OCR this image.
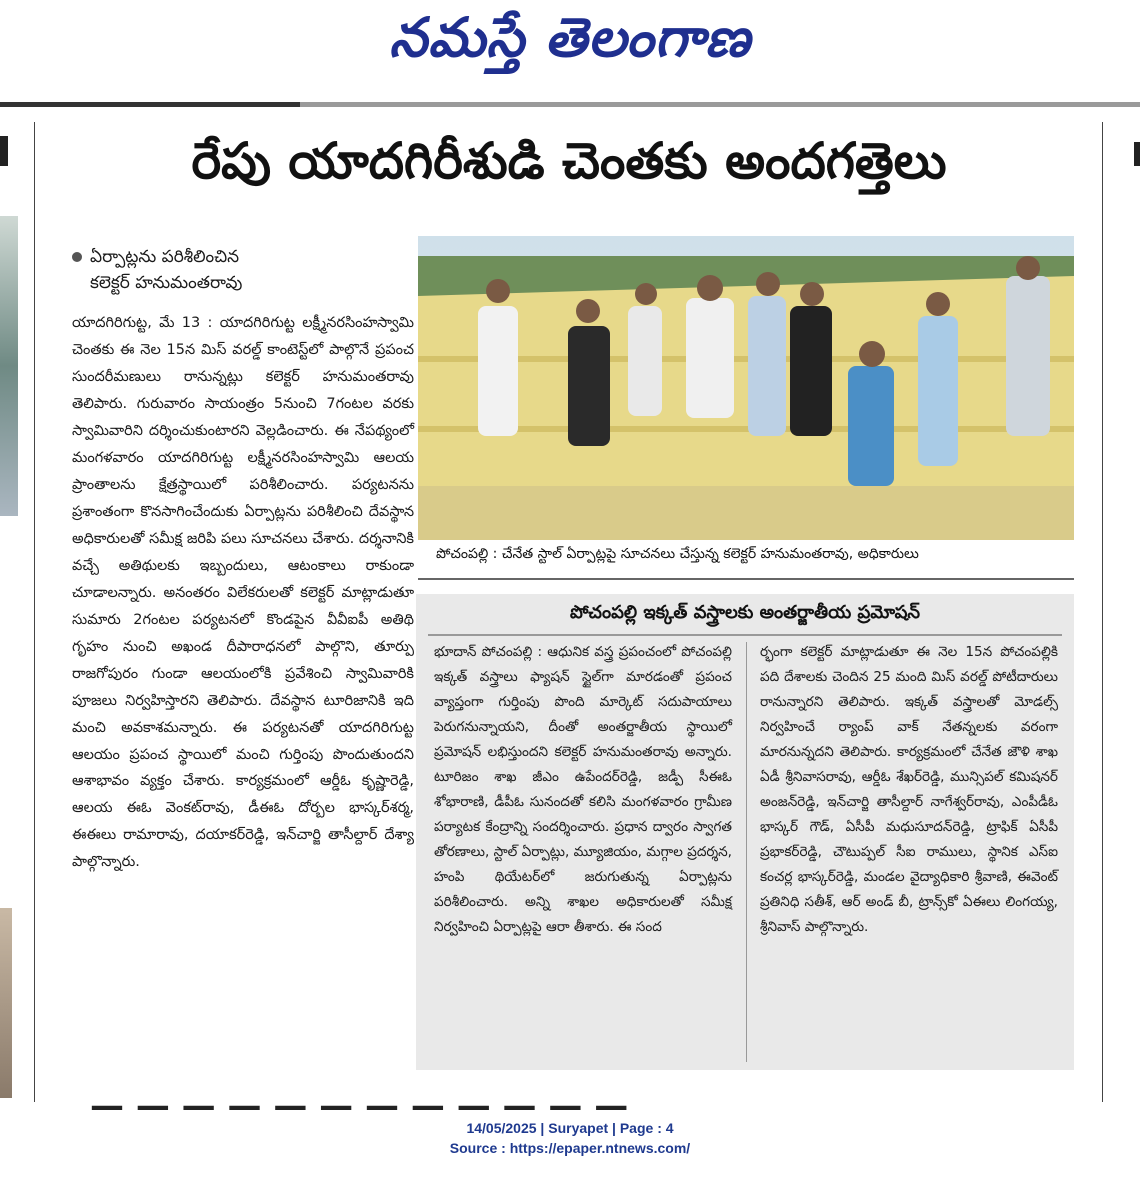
నమస్తే తెలంగాణ
రేపు యాదగిరీశుడి చెంతకు అందగత్తెలు
ఏర్పాట్లను పరిశీలించిన
కలెక్టర్ హనుమంతరావు
యాదగిరిగుట్ట, మే 13 : యాదగిరిగుట్ట లక్ష్మీనరసింహస్వామి చెంతకు ఈ నెల 15న మిస్ వరల్డ్ కాంటెస్ట్‌లో పాల్గొనే ప్రపంచ సుందరీమణులు రానున్నట్లు కలెక్టర్ హనుమంతరావు తెలిపారు. గురువారం సాయంత్రం 5నుంచి 7గంటల వరకు స్వామివారిని దర్శించుకుంటారని వెల్లడించారు. ఈ నేపథ్యంలో మంగళవారం యాదగిరిగుట్ట లక్ష్మీనరసింహస్వామి ఆలయ ప్రాంతాలను క్షేత్రస్థాయిలో పరిశీలించారు. పర్యటనను ప్రశాంతంగా కొనసాగించేందుకు ఏర్పాట్లను పరిశీలించి దేవస్థాన అధికారులతో సమీక్ష జరిపి పలు సూచనలు చేశారు. దర్శనానికి వచ్చే అతిథులకు ఇబ్బందులు, ఆటంకాలు రాకుండా చూడాలన్నారు. అనంతరం విలేకరులతో కలెక్టర్ మాట్లాడుతూ సుమారు 2గంటల పర్యటనలో కొండపైన వీవీఐపీ అతిథి గృహం నుంచి అఖండ దీపారాధనలో పాల్గొని, తూర్పు రాజగోపురం గుండా ఆలయంలోకి ప్రవేశించి స్వామివారికి పూజలు నిర్వహిస్తారని తెలిపారు. దేవస్థాన టూరిజానికి ఇది మంచి అవకాశమన్నారు. ఈ పర్యటనతో యాదగిరిగుట్ట ఆలయం ప్రపంచ స్థాయిలో మంచి గుర్తింపు పొందుతుందని ఆశాభావం వ్యక్తం చేశారు. కార్యక్రమంలో ఆర్డీఓ కృష్ణారెడ్డి, ఆలయ ఈఓ వెంకట్‌రావు, డీఈఓ దోర్బల భాస్కర్‌శర్మ, ఈఈలు రామారావు, దయాకర్‌రెడ్డి, ఇన్‌చార్జి తాసీల్దార్ దేశ్యా పాల్గొన్నారు.
పోచంపల్లి : చేనేత స్టాల్ ఏర్పాట్లపై సూచనలు చేస్తున్న కలెక్టర్ హనుమంతరావు, అధికారులు
పోచంపల్లి ఇక్కత్ వస్త్రాలకు అంతర్జాతీయ ప్రమోషన్
భూదాన్ పోచంపల్లి : ఆధునిక వస్త్ర ప్రపంచంలో పోచంపల్లి ఇక్కత్ వస్త్రాలు ఫ్యాషన్ స్టైల్‌గా మారడంతో ప్రపంచ వ్యాప్తంగా గుర్తింపు పొంది మార్కెట్ సదుపాయాలు పెరుగనున్నాయని, దీంతో అంతర్జాతీయ స్థాయిలో ప్రమోషన్ లభిస్తుందని కలెక్టర్ హనుమంతరావు అన్నారు. టూరిజం శాఖ జీఎం ఉపేందర్‌రెడ్డి, జడ్పీ సీఈఓ శోభారాణి, డీపీఓ సునందతో కలిసి మంగళవారం గ్రామీణ పర్యాటక కేంద్రాన్ని సందర్శించారు. ప్రధాన ద్వారం స్వాగత తోరణాలు, స్టాల్ ఏర్పాట్లు, మ్యూజియం, మగ్గాల ప్రదర్శన, హంపి థియేటర్‌లో జరుగుతున్న ఏర్పాట్లను పరిశీలించారు. అన్ని శాఖల అధికారులతో సమీక్ష నిర్వహించి ఏర్పాట్లపై ఆరా తీశారు. ఈ సంద
ర్భంగా కలెక్టర్ మాట్లాడుతూ ఈ నెల 15న పోచంపల్లికి పది దేశాలకు చెందిన 25 మంది మిస్ వరల్డ్ పోటీదారులు రానున్నారని తెలిపారు. ఇక్కత్ వస్త్రాలతో మోడల్స్ నిర్వహించే ర్యాంప్ వాక్ నేతన్నలకు వరంగా మారనున్నదని తెలిపారు. కార్యక్రమంలో చేనేత జౌళి శాఖ ఏడీ శ్రీనివాసరావు, ఆర్డీఓ శేఖర్‌రెడ్డి, మున్సిపల్ కమిషనర్ అంజన్‌రెడ్డి, ఇన్‌చార్జి తాసీల్దార్ నాగేశ్వర్‌రావు, ఎంపీడీఓ భాస్కర్ గౌడ్, ఏసీపీ మధుసూదన్‌రెడ్డి, ట్రాఫిక్ ఏసీపీ ప్రభాకర్‌రెడ్డి, చౌటుప్పల్ సీఐ రాములు, స్థానిక ఎస్ఐ కంచర్ల భాస్కర్‌రెడ్డి, మండల వైద్యాధికారి శ్రీవాణి, ఈవెంట్ ప్రతినిధి సతీశ్, ఆర్ అండ్ బీ, ట్రాన్స్‌కో ఏఈలు లింగయ్య, శ్రీనివాస్ పాల్గొన్నారు.
— — — — — — — — — — — —
14/05/2025 | Suryapet | Page : 4
Source : https://epaper.ntnews.com/
